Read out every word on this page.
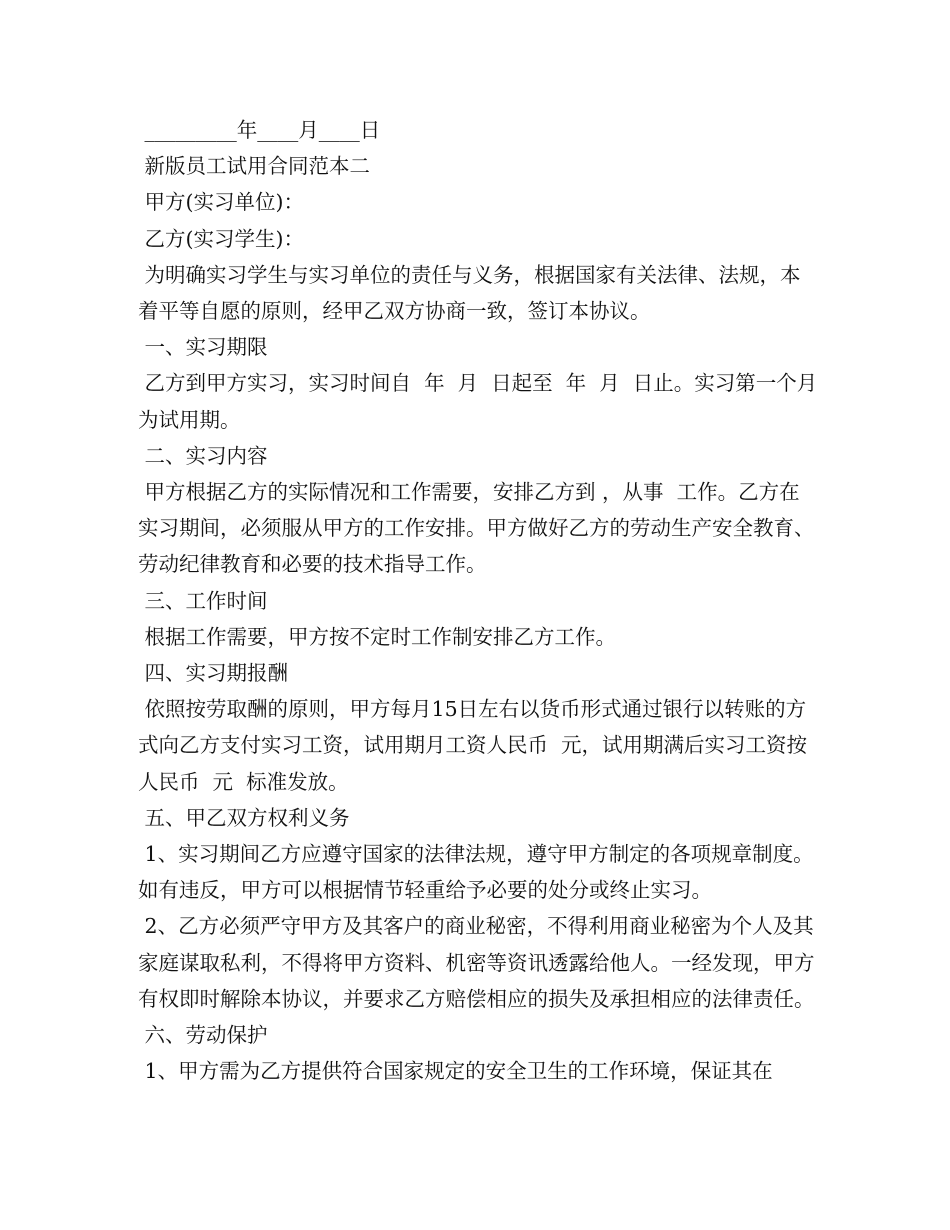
_________年____月____日

新版员工试用合同范本二

甲方(实习单位)：

乙方(实习学生)：

为明确实习学生与实习单位的责任与义务，根据国家有关法律、法规，本着平等自愿的原则，经甲乙双方协商一致，签订本协议。

一、实习期限

乙方到甲方实习，实习时间自  年  月  日起至  年  月  日止。实习第一个月为试用期。

二、实习内容

甲方根据乙方的实际情况和工作需要，安排乙方到 ，从事  工作。乙方在实习期间，必须服从甲方的工作安排。甲方做好乙方的劳动生产安全教育、劳动纪律教育和必要的技术指导工作。

三、工作时间

根据工作需要，甲方按不定时工作制安排乙方工作。

四、实习期报酬

依照按劳取酬的原则，甲方每月15日左右以货币形式通过银行以转账的方式向乙方支付实习工资，试用期月工资人民币  元，试用期满后实习工资按人民币  元  标准发放。

五、甲乙双方权利义务

1、实习期间乙方应遵守国家的法律法规，遵守甲方制定的各项规章制度。如有违反，甲方可以根据情节轻重给予必要的处分或终止实习。

2、乙方必须严守甲方及其客户的商业秘密，不得利用商业秘密为个人及其家庭谋取私利，不得将甲方资料、机密等资讯透露给他人。一经发现，甲方有权即时解除本协议，并要求乙方赔偿相应的损失及承担相应的法律责任。

六、劳动保护

1、甲方需为乙方提供符合国家规定的安全卫生的工作环境，保证其在
